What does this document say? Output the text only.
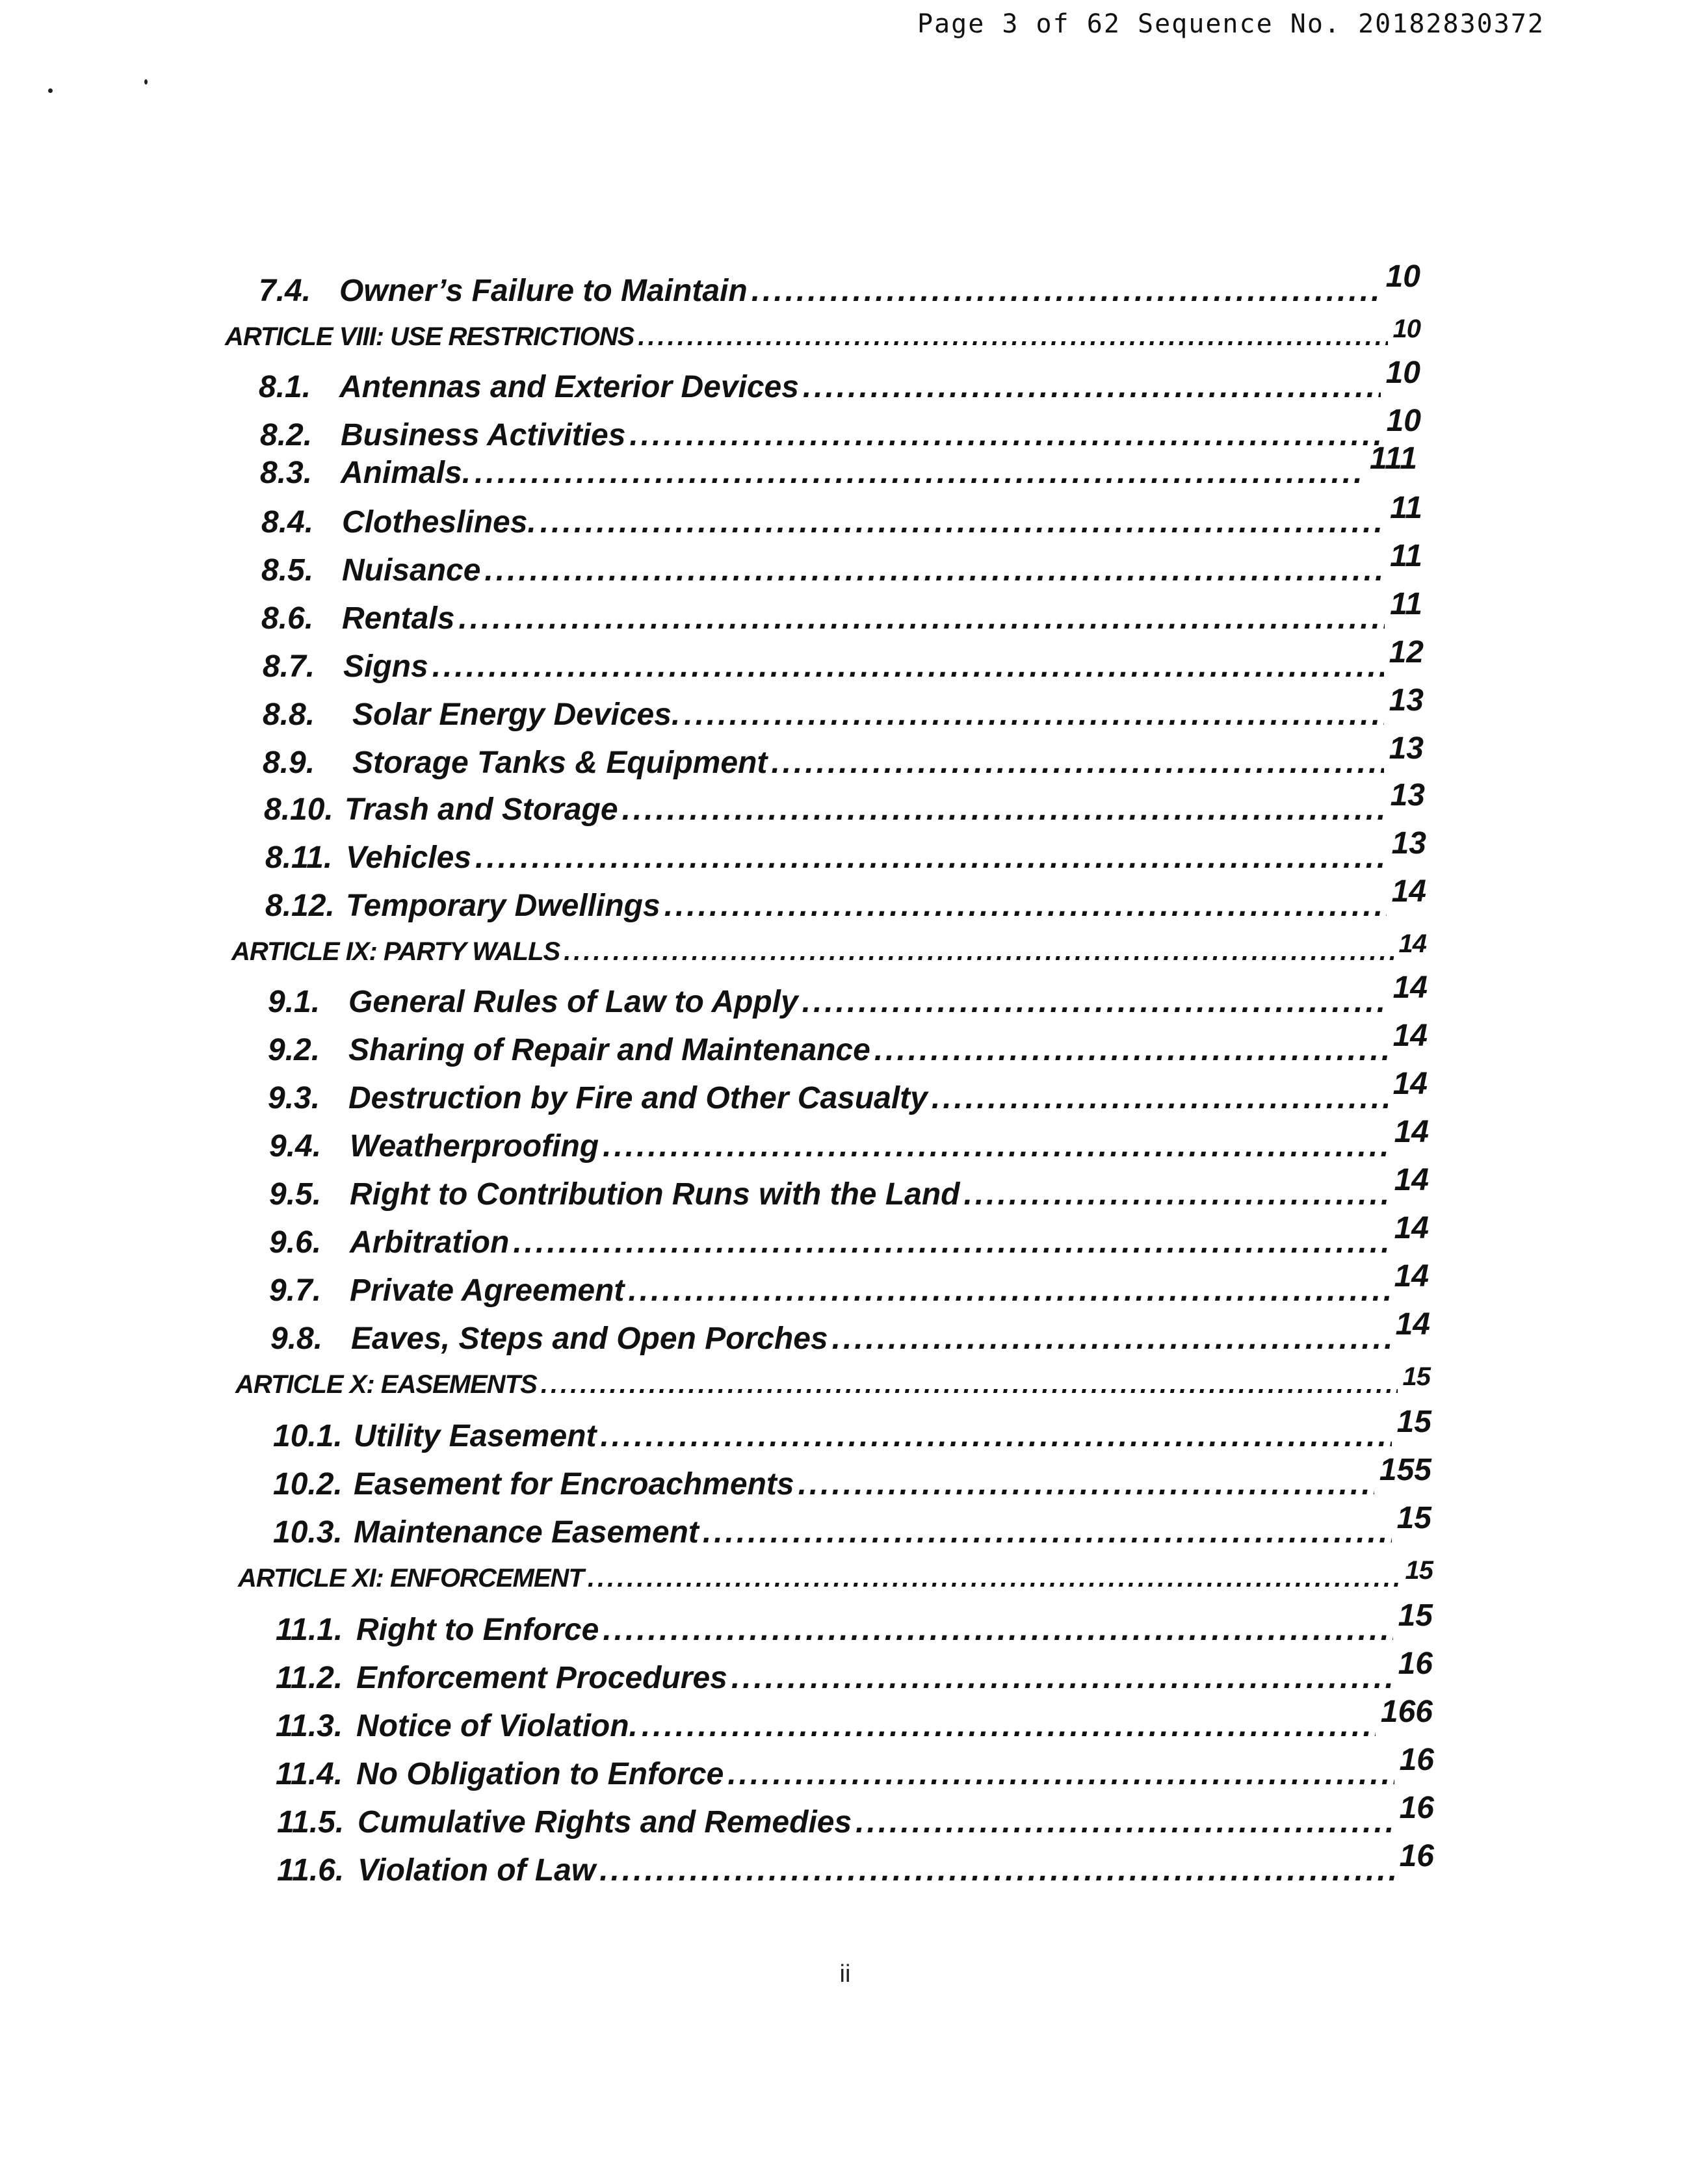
Page 3 of 62 Sequence No. 20182830372
7.4. Owner’s Failure to Maintain .....	10
ARTICLE VIII: USE RESTRICTIONS .....	10
8.1. Antennas and Exterior Devices .....	10
8.2. Business Activities .....	10
8.3. Animals. .....	111
8.4. Clotheslines. .....	11
8.5. Nuisance .....	11
8.6. Rentals .....	11
8.7. Signs .....	12
8.8.	Solar Energy Devices. .....	13
8.9.	Storage Tanks & Equipment .....	13
8.10. Trash and Storage .....	13
8.11. Vehicles .....	13
8.12. Temporary Dwellings .....	14
ARTICLE IX: PARTY WALLS .....	14
9.1. General Rules of Law to Apply .....	14
9.2. Sharing of Repair and Maintenance .....	14
9.3. Destruction by Fire and Other Casualty .....	14
9.4. Weatherproofing .....	14
9.5. Right to Contribution Runs with the Land .....	14
9.6. Arbitration .....	14
9.7. Private Agreement .....	14
9.8. Eaves, Steps and Open Porches .....	14
ARTICLE X: EASEMENTS .....	15
10.1. Utility Easement .....	15
10.2. Easement for Encroachments .....	155
10.3. Maintenance Easement .....	15
ARTICLE XI: ENFORCEMENT .....	15
11.1. Right to Enforce .....	15
11.2. Enforcement Procedures .....	16
11.3. Notice of Violation. .....	166
11.4. No Obligation to Enforce .....	16
11.5. Cumulative Rights and Remedies .....	16
11.6. Violation of Law .....	16
ii
